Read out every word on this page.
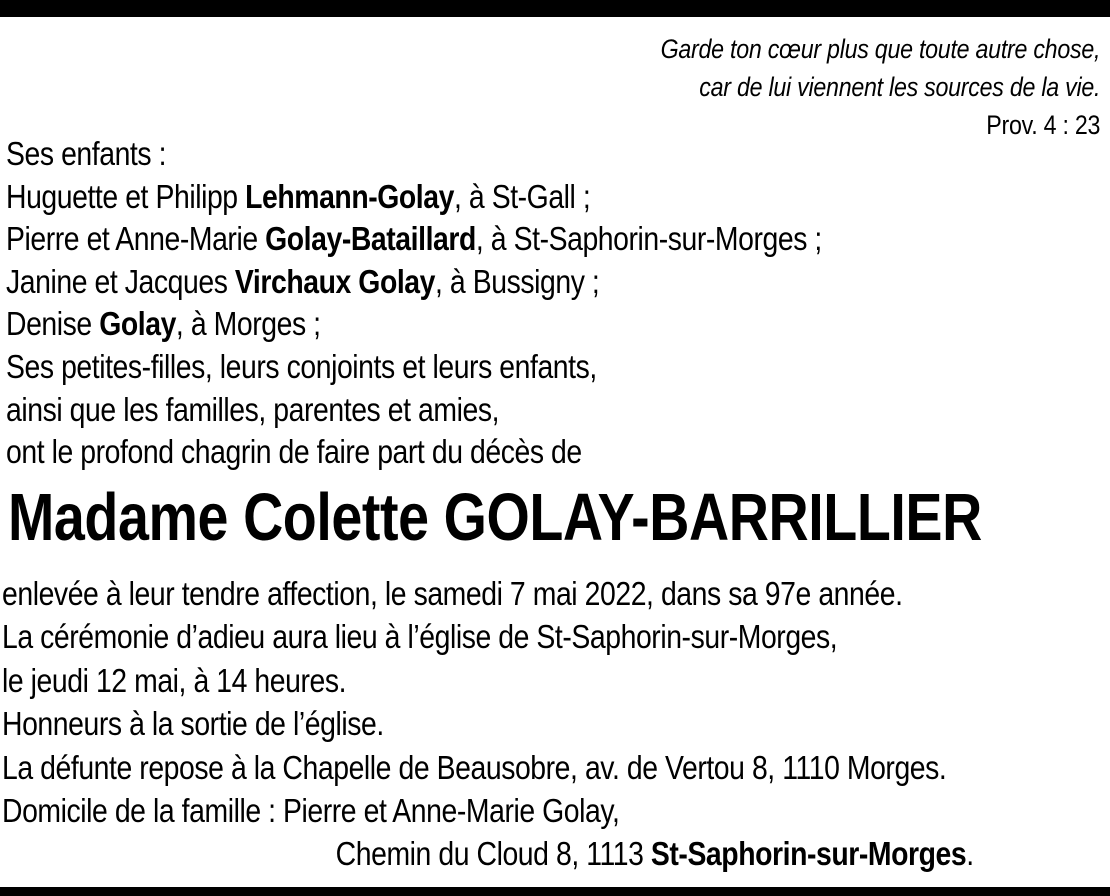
Garde ton cœur plus que toute autre chose,
car de lui viennent les sources de la vie.
Prov. 4 : 23
Ses enfants :
Huguette et Philipp Lehmann-Golay, à St-Gall ;
Pierre et Anne-Marie Golay-Bataillard, à St-Saphorin-sur-Morges ;
Janine et Jacques Virchaux Golay, à Bussigny ;
Denise Golay, à Morges ;
Ses petites-filles, leurs conjoints et leurs enfants,
ainsi que les familles, parentes et amies,
ont le profond chagrin de faire part du décès de
Madame Colette GOLAY-BARRILLIER
enlevée à leur tendre affection, le samedi 7 mai 2022, dans sa 97e année.
La cérémonie d’adieu aura lieu à l’église de St-Saphorin-sur-Morges,
le jeudi 12 mai, à 14 heures.
Honneurs à la sortie de l’église.
La défunte repose à la Chapelle de Beausobre, av. de Vertou 8, 1110 Morges.
Domicile de la famille : Pierre et Anne-Marie Golay,
Chemin du Cloud 8, 1113 St-Saphorin-sur-Morges.
